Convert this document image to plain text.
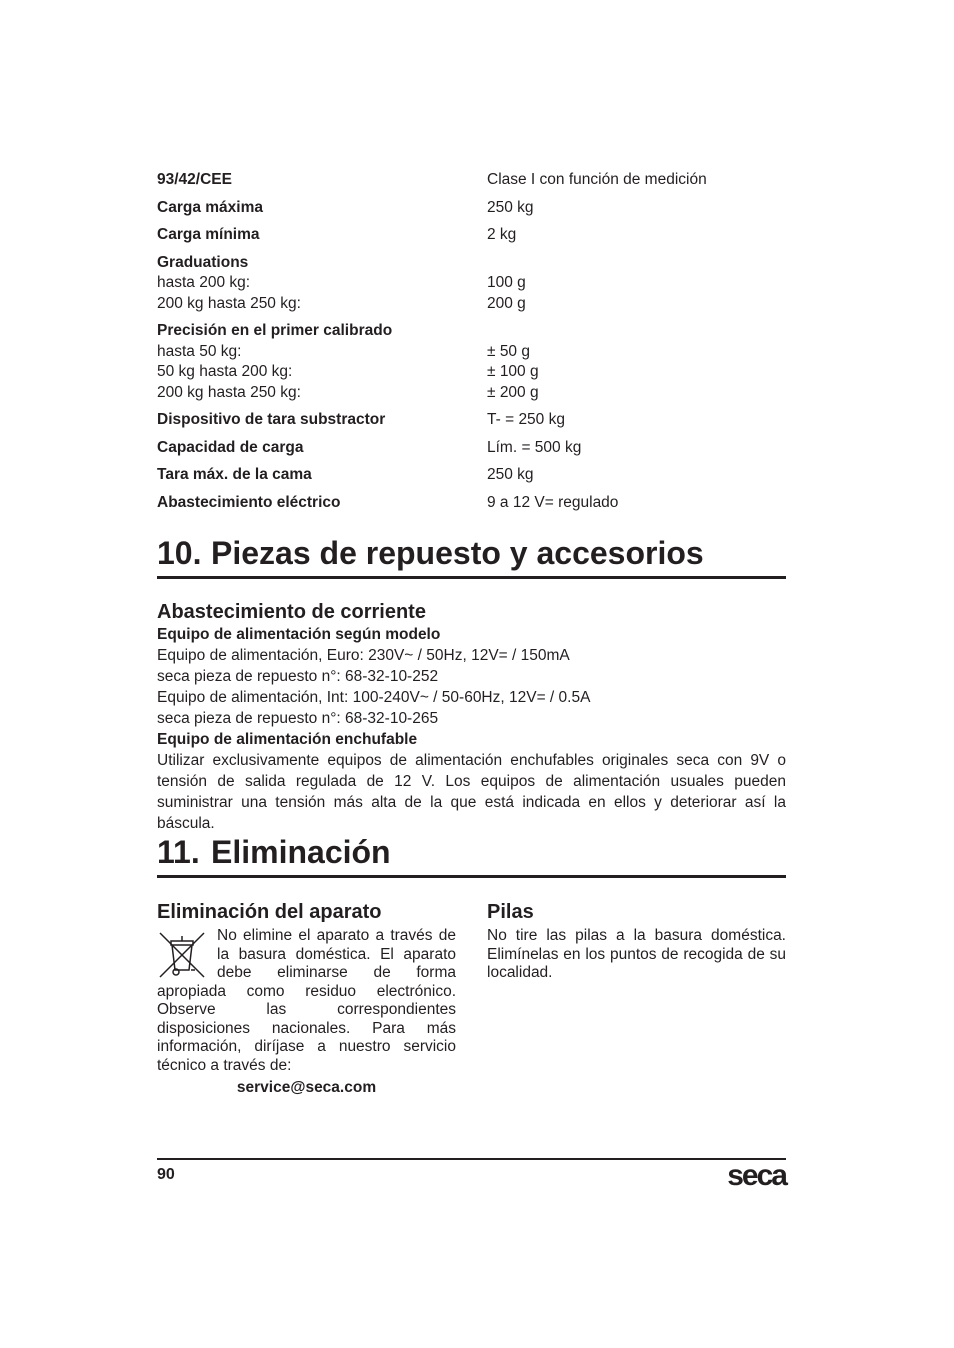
93/42/CEE	Clase I con función de medición
Carga máxima	250 kg
Carga mínima	2 kg
Graduations
hasta 200 kg:	100 g
200 kg hasta 250 kg:	200 g
Precisión en el primer calibrado
hasta 50 kg:	± 50 g
50 kg hasta 200 kg:	± 100 g
200 kg hasta 250 kg:	± 200 g
Dispositivo de tara substractor	T- = 250 kg
Capacidad de carga	Lím. = 500 kg
Tara máx. de la cama	250 kg
Abastecimiento eléctrico	9 a 12 V= regulado
10. Piezas de repuesto y accesorios
Abastecimiento de corriente
Equipo de alimentación según modelo
Equipo de alimentación, Euro: 230V~ / 50Hz, 12V= / 150mA
seca pieza de repuesto n°: 68-32-10-252
Equipo de alimentación, Int: 100-240V~ / 50-60Hz, 12V= / 0.5A
seca pieza de repuesto n°: 68-32-10-265
Equipo de alimentación enchufable
Utilizar exclusivamente equipos de alimentación enchufables originales seca con 9V o tensión de salida regulada de 12 V. Los equipos de alimentación usuales pueden suministrar una tensión más alta de la que está indicada en ellos y deteriorar así la báscula.
11. Eliminación
Eliminación del aparato
No elimine el aparato a través de la basura doméstica. El aparato debe eliminarse de forma apropiada como residuo electrónico. Observe las correspondientes disposiciones nacionales. Para más información, diríjase a nuestro servicio técnico a través de:
service@seca.com
Pilas
No tire las pilas a la basura doméstica. Elimínelas en los puntos de recogida de su localidad.
90	seca
